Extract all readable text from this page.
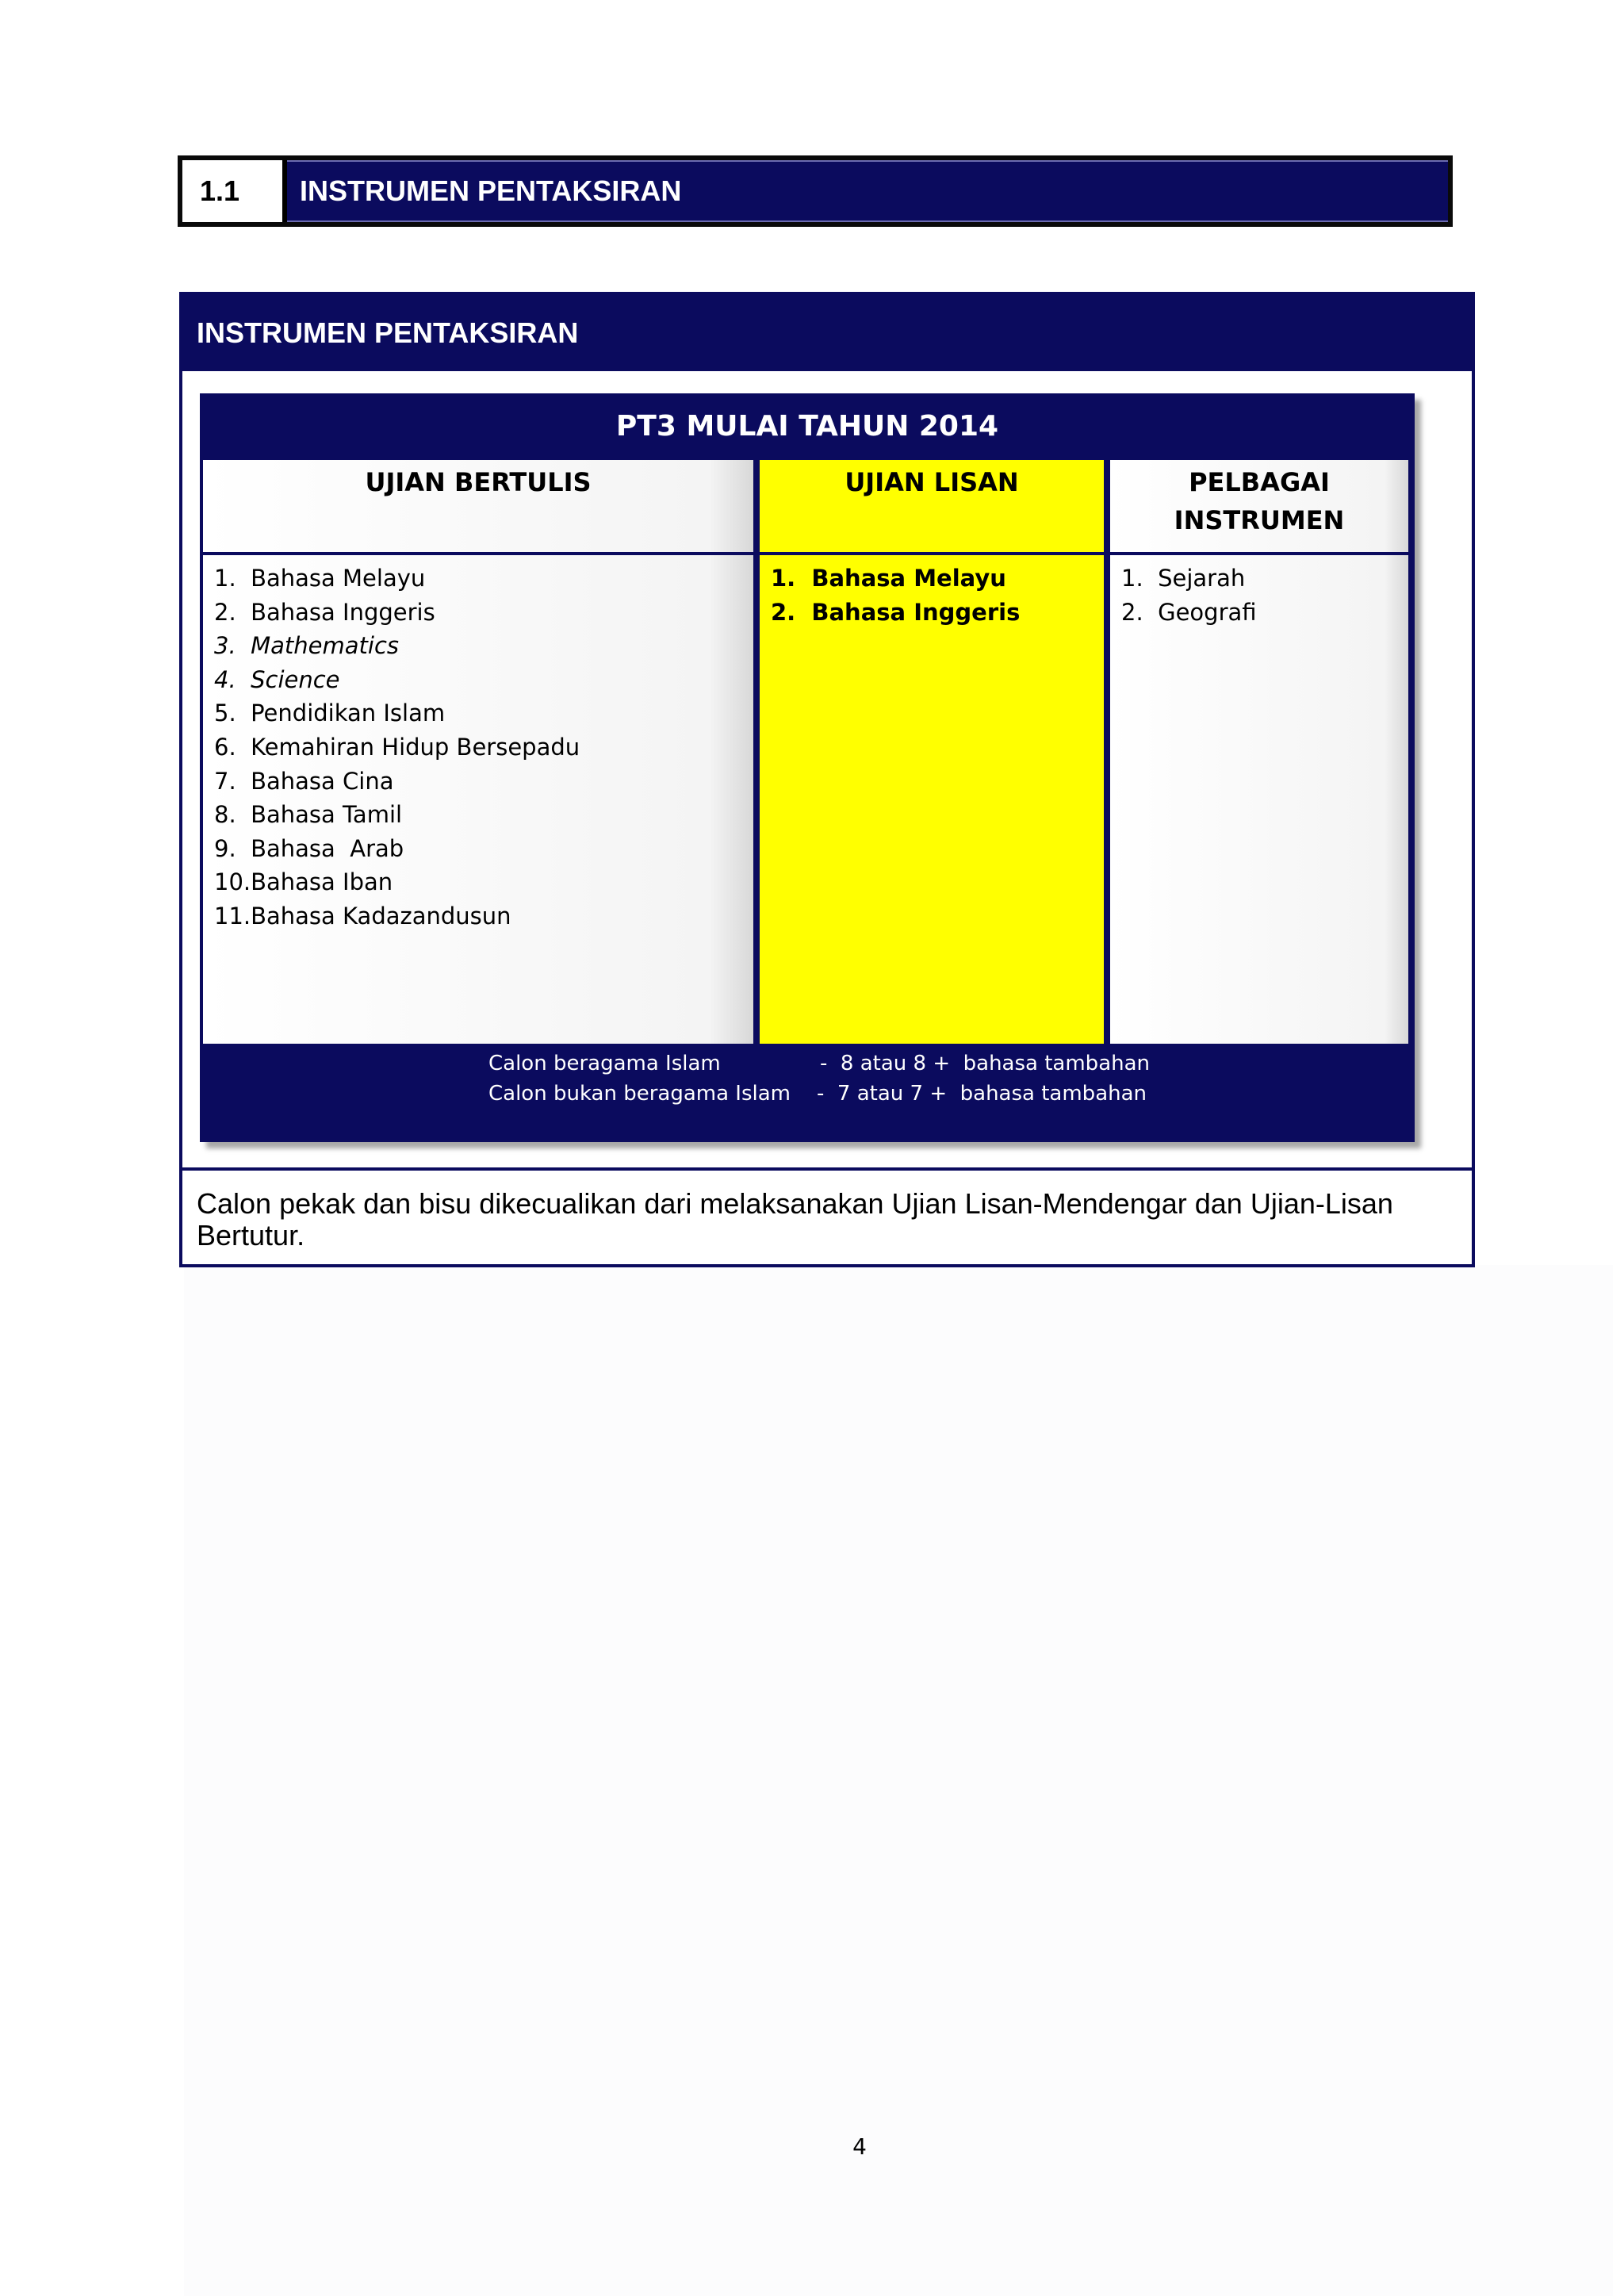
1.1	INSTRUMEN PENTAKSIRAN
INSTRUMEN PENTAKSIRAN
PT3 MULAI TAHUN 2014
UJIAN BERTULIS
1.  Bahasa Melayu
2.  Bahasa Inggeris
3.  Mathematics
4.  Science
5.  Pendidikan Islam
6.  Kemahiran Hidup Bersepadu
7.  Bahasa Cina
8.  Bahasa Tamil
9.  Bahasa  Arab
10.Bahasa Iban
11.Bahasa Kadazandusun
UJIAN LISAN
1.  Bahasa Melayu
2.  Bahasa Inggeris
PELBAGAI
INSTRUMEN
1.  Sejarah
2.  Geografi
Calon beragama Islam	-  8 atau 8 +  bahasa tambahan
Calon bukan beragama Islam -  7 atau 7 +  bahasa tambahan
Calon pekak dan bisu dikecualikan dari melaksanakan Ujian Lisan-Mendengar dan Ujian-Lisan Bertutur.
4
